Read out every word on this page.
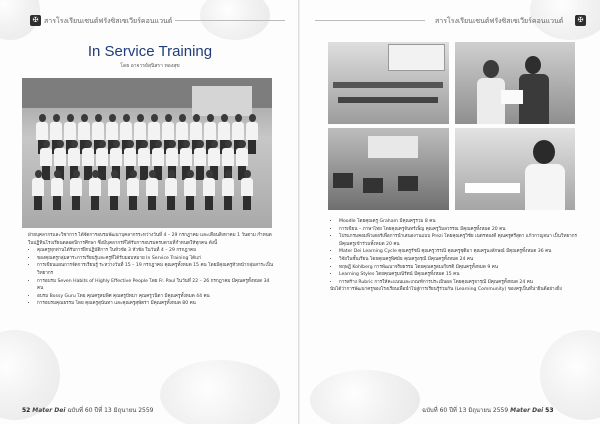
✠ สารโรงเรียนเซนต์ฟรังซิสเซเวียร์คอนแวนต์
In Service Training
โดย อาจารย์สุนิสรา ทองสุข

ฝ่ายบุคลากรและวิชาการ ได้จัดการอบรมพัฒนาบุคลากรระหว่างวันที่ 4 – 29 กรกฎาคม และเดือนสิงหาคม 1 วันตาม กำหนดในปฏิทินโรงเรียนตลอดปีการศึกษา ซึ่งมีบุคลากรที่ได้รับการอบรมครบตามที่กำหนดให้ทุกคน ดังนี้

• คุณครูทุกท่านได้รับการฝึกปฏิบัติการ ในหัวข้อ 3 หัวข้อ ในวันที่ 4 – 29 กรกฎาคม
• ของคุณครูกลุ่มสาระการเรียนรู้และครูที่ได้รับมอบหมาย In Service Training ได้แก่
• การเขียนแผนการจัดการเรียนรู้ ระหว่างวันที่ 15 – 19 กรกฎาคม คุณครูทั้งหมด 15 คน โดยมีคุณครูหัวหน้ากลุ่มสาระเป็นวิทยากร
• การอบรม Seven Habits of Highly Effective People โดย Fr. Paul ในวันที่ 22 – 26 กรกฎาคม มีคุณครูทั้งหมด 34 คน
• อบรม Bossy Guru โดย คุณครูสมพิศ คุณครูปัทมา คุณครูวนิดา มีคุณครูทั้งหมด 44 คน
• การอบรมคุณธรรม โดย คุณครูสุนันทา และคุณครูสุพัตรา มีคุณครูทั้งหมด 80 คน
52 Mater Dei ฉบับที่ 60 ปีที่ 13 มิถุนายน 2559
สารโรงเรียนเซนต์ฟรังซิสเซเวียร์คอนแวนต์	✠
• Moodle โดยคุณครู Graham มีคุณครูรวม 8 คน
• การเขียน – ภาษาไทย โดยคุณครูจันทร์เพ็ญ คุณครูวิมลวรรณ มีคุณครูทั้งหมด 20 คน
• โปรแกรมคอมพิวเตอร์เพื่อการนำเสนองานแบบ Prezi โดยคุณครูวิชัย เนตรทองดี คุณครูศรีสุดา แก้วกาญจนา เป็นวิทยากร มีคุณครูเข้าร่วมทั้งหมด 20 คน
• Mater Dei Learning Cycle คุณครูรัชนี คุณครูวรรณี คุณครูชุติมา คุณครูนงลักษณ์ มีคุณครูทั้งหมด 36 คน
• วิจัยในชั้นเรียน โดยคุณครูพิศมัย คุณครูอรุณี มีคุณครูทั้งหมด 24 คน
• ทฤษฎี Kohlberg การพัฒนาจริยธรรม โดยคุณครูสมเกียรติ มีคุณครูทั้งหมด 9 คน
• Learning Styles โดยคุณครูมณีรัตน์ มีคุณครูทั้งหมด 15 คน
• การสร้าง Rubric การให้คะแนนและเกณฑ์การประเมินผล โดยคุณครูจารุณี มีคุณครูทั้งหมด 24 คน

นับได้ว่าการพัฒนาครูของโรงเรียนเพื่อนำไปสู่การเรียนรู้ร่วมกัน (Learning Community) ของครูเป็นที่น่ายินดีอย่างยิ่ง

ฉบับที่ 60 ปีที่ 13 มิถุนายน 2559 Mater Dei 53
